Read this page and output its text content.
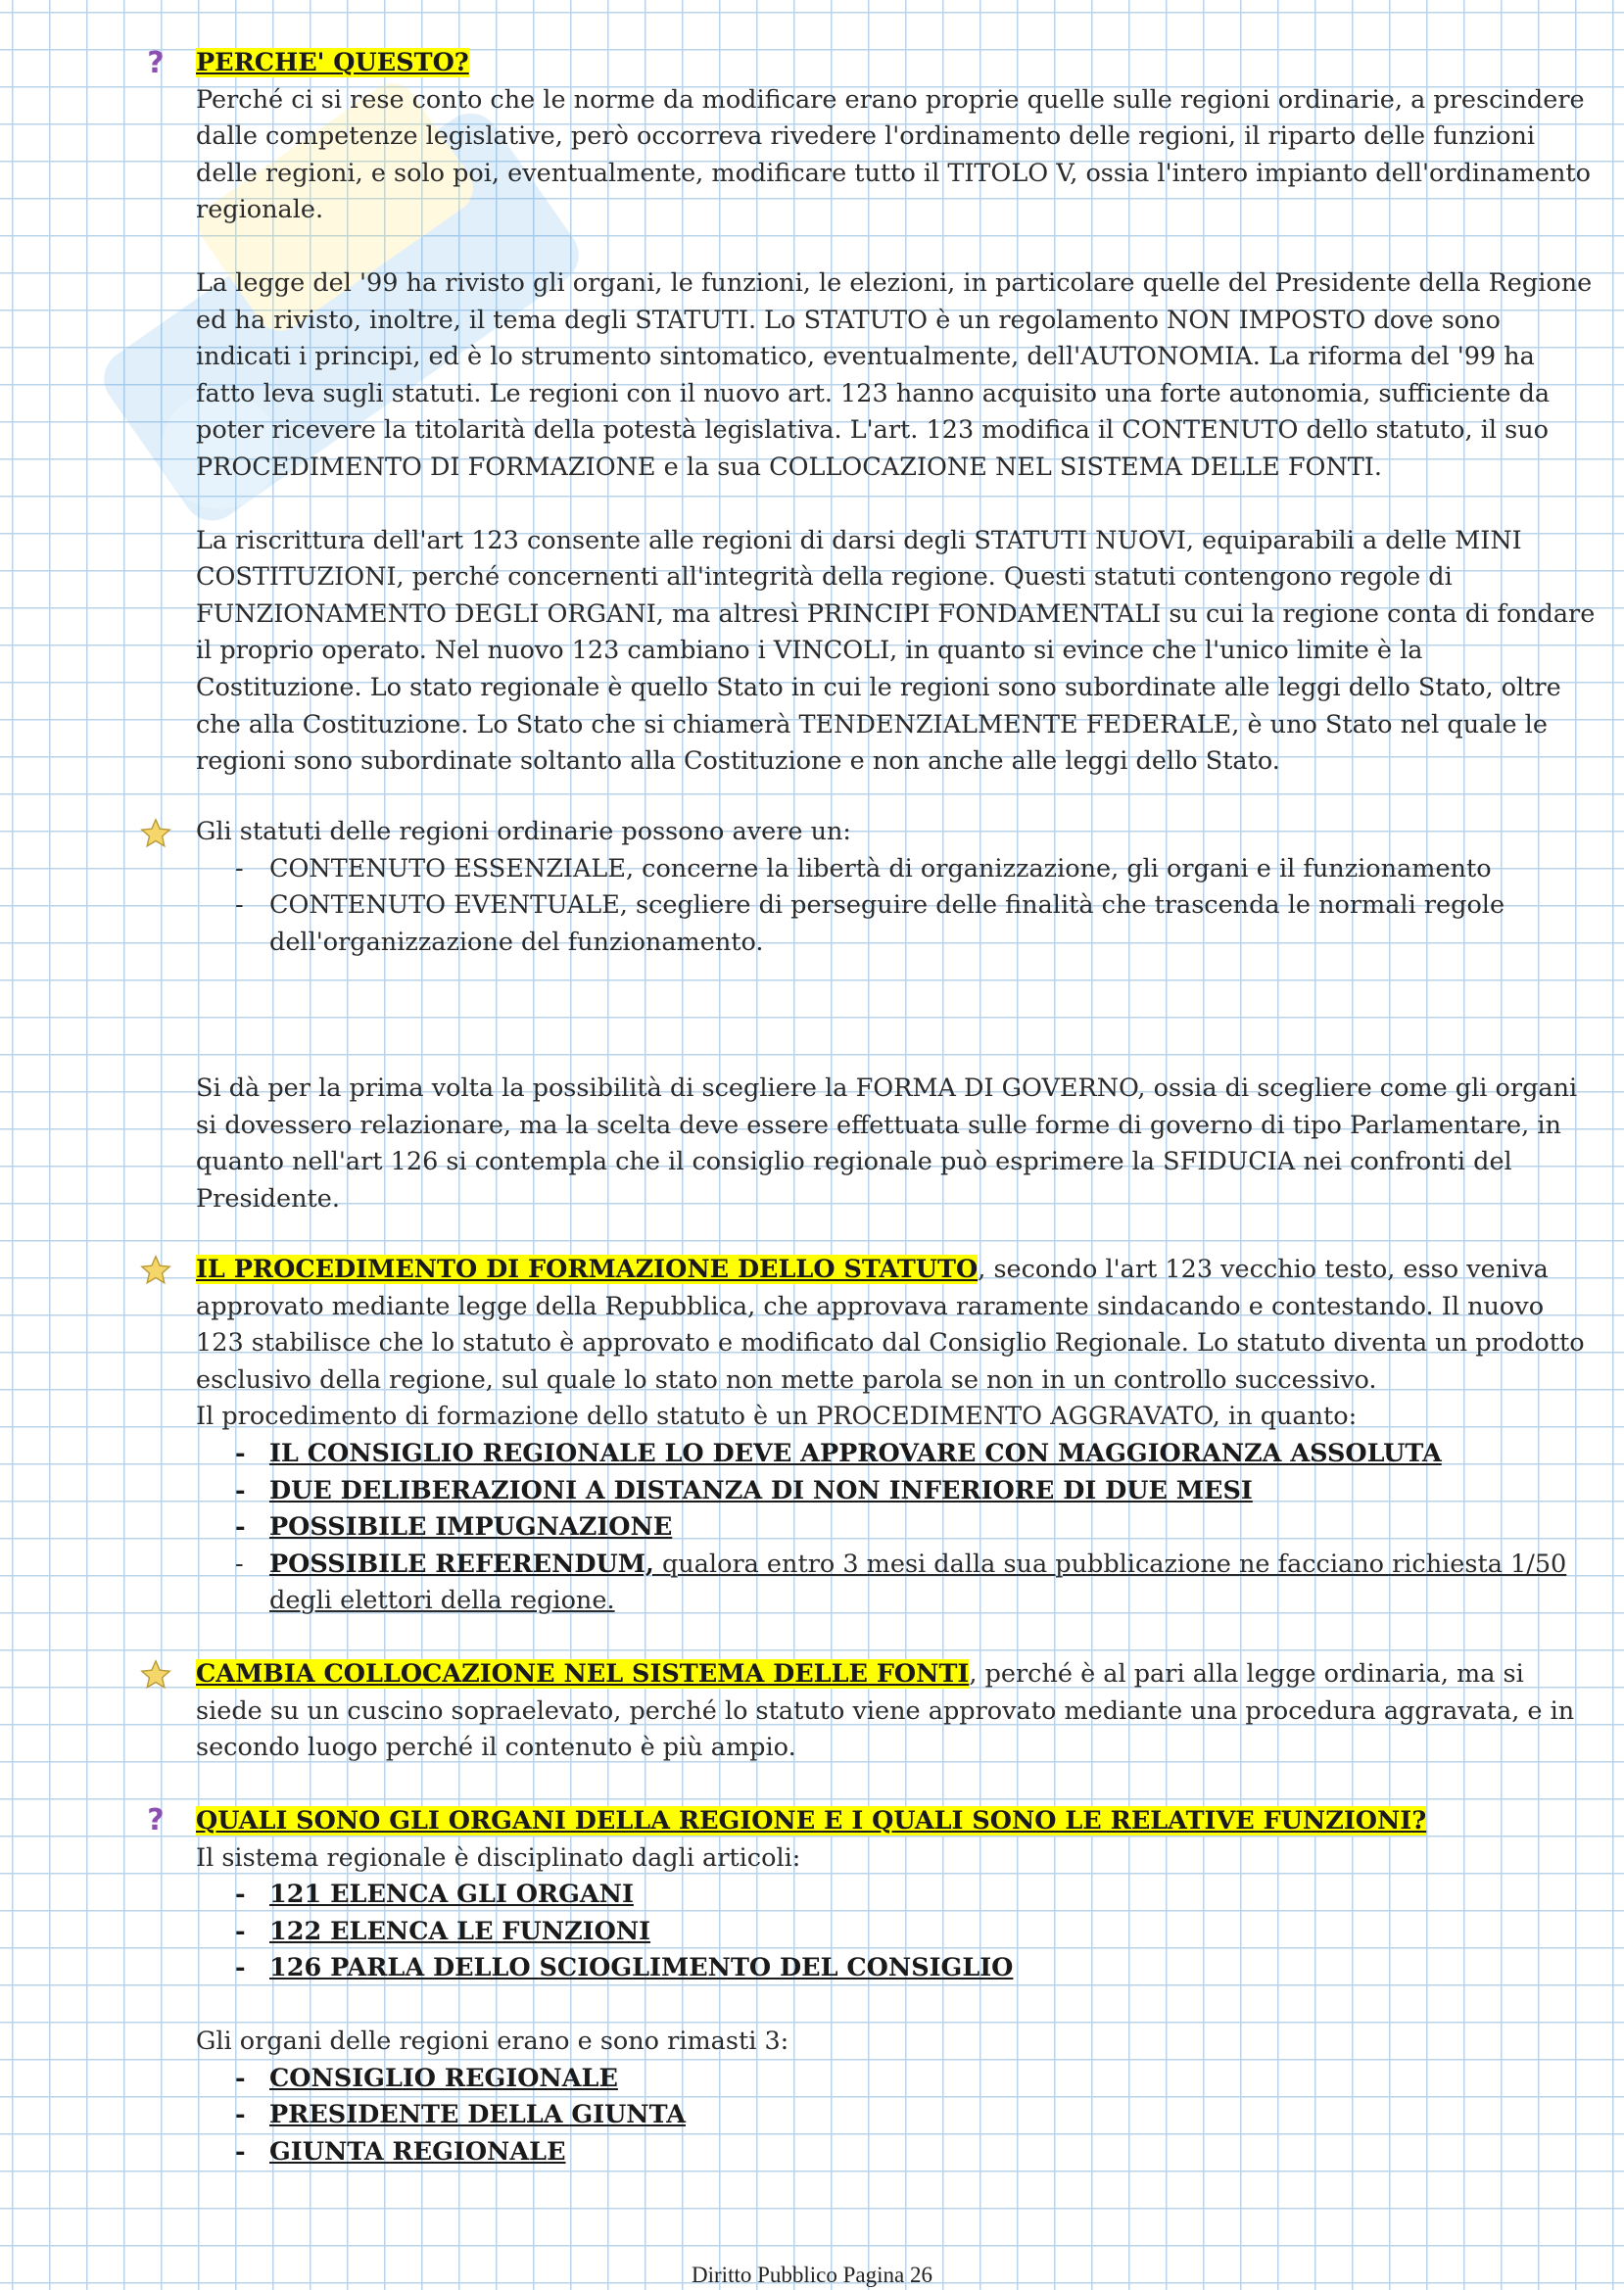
?	PERCHE' QUESTO?

Perché ci si rese conto che le norme da modificare erano proprie quelle sulle regioni ordinarie, a prescindere dalle competenze legislative, però occorreva rivedere l'ordinamento delle regioni, il riparto delle funzioni delle regioni, e solo poi, eventualmente, modificare tutto il TITOLO V, ossia l'intero impianto dell'ordinamento regionale.

La legge del '99 ha rivisto gli organi, le funzioni, le elezioni, in particolare quelle del Presidente della Regione ed ha rivisto, inoltre, il tema degli STATUTI. Lo STATUTO è un regolamento NON IMPOSTO dove sono indicati i principi, ed è lo strumento sintomatico, eventualmente, dell'AUTONOMIA. La riforma del '99 ha fatto leva sugli statuti. Le regioni con il nuovo art. 123 hanno acquisito una forte autonomia, sufficiente da poter ricevere la titolarità della potestà legislativa. L'art. 123 modifica il CONTENUTO dello statuto, il suo PROCEDIMENTO DI FORMAZIONE e la sua COLLOCAZIONE NEL SISTEMA DELLE FONTI.

La riscrittura dell'art 123 consente alle regioni di darsi degli STATUTI NUOVI, equiparabili a delle MINI COSTITUZIONI, perché concernenti all'integrità della regione. Questi statuti contengono regole di FUNZIONAMENTO DEGLI ORGANI, ma altresì PRINCIPI FONDAMENTALI su cui la regione conta di fondare il proprio operato. Nel nuovo 123 cambiano i VINCOLI, in quanto si evince che l'unico limite è la Costituzione. Lo stato regionale è quello Stato in cui le regioni sono subordinate alle leggi dello Stato, oltre che alla Costituzione. Lo Stato che si chiamerà TENDENZIALMENTE FEDERALE, è uno Stato nel quale le regioni sono subordinate soltanto alla Costituzione e non anche alle leggi dello Stato.

Gli statuti delle regioni ordinarie possono avere un:

- CONTENUTO ESSENZIALE, concerne la libertà di organizzazione, gli organi e il funzionamento
- CONTENUTO EVENTUALE, scegliere di perseguire delle finalità che trascenda le normali regole dell'organizzazione del funzionamento.

Si dà per la prima volta la possibilità di scegliere la FORMA DI GOVERNO, ossia di scegliere come gli organi si dovessero relazionare, ma la scelta deve essere effettuata sulle forme di governo di tipo Parlamentare, in quanto nell'art 126 si contempla che il consiglio regionale può esprimere la SFIDUCIA nei confronti del Presidente.

IL PROCEDIMENTO DI FORMAZIONE DELLO STATUTO, secondo l'art 123 vecchio testo, esso veniva approvato mediante legge della Repubblica, che approvava raramente sindacando e contestando. Il nuovo 123 stabilisce che lo statuto è approvato e modificato dal Consiglio Regionale. Lo statuto diventa un prodotto esclusivo della regione, sul quale lo stato non mette parola se non in un controllo successivo.

Il procedimento di formazione dello statuto è un PROCEDIMENTO AGGRAVATO, in quanto:

- IL CONSIGLIO REGIONALE LO DEVE APPROVARE CON MAGGIORANZA ASSOLUTA
- DUE DELIBERAZIONI A DISTANZA DI NON INFERIORE DI DUE MESI
- POSSIBILE IMPUGNAZIONE
- POSSIBILE REFERENDUM, qualora entro 3 mesi dalla sua pubblicazione ne facciano richiesta 1/50 degli elettori della regione.

CAMBIA COLLOCAZIONE NEL SISTEMA DELLE FONTI, perché è al pari alla legge ordinaria, ma si siede su un cuscino sopraelevato, perché lo statuto viene approvato mediante una procedura aggravata, e in secondo luogo perché il contenuto è più ampio.

?	QUALI SONO GLI ORGANI DELLA REGIONE E I QUALI SONO LE RELATIVE FUNZIONI?

Il sistema regionale è disciplinato dagli articoli:

- 121 ELENCA GLI ORGANI
- 122 ELENCA LE FUNZIONI
- 126 PARLA DELLO SCIOGLIMENTO DEL CONSIGLIO

Gli organi delle regioni erano e sono rimasti 3:

- CONSIGLIO REGIONALE
- PRESIDENTE DELLA GIUNTA
- GIUNTA REGIONALE
Diritto Pubblico Pagina 26
